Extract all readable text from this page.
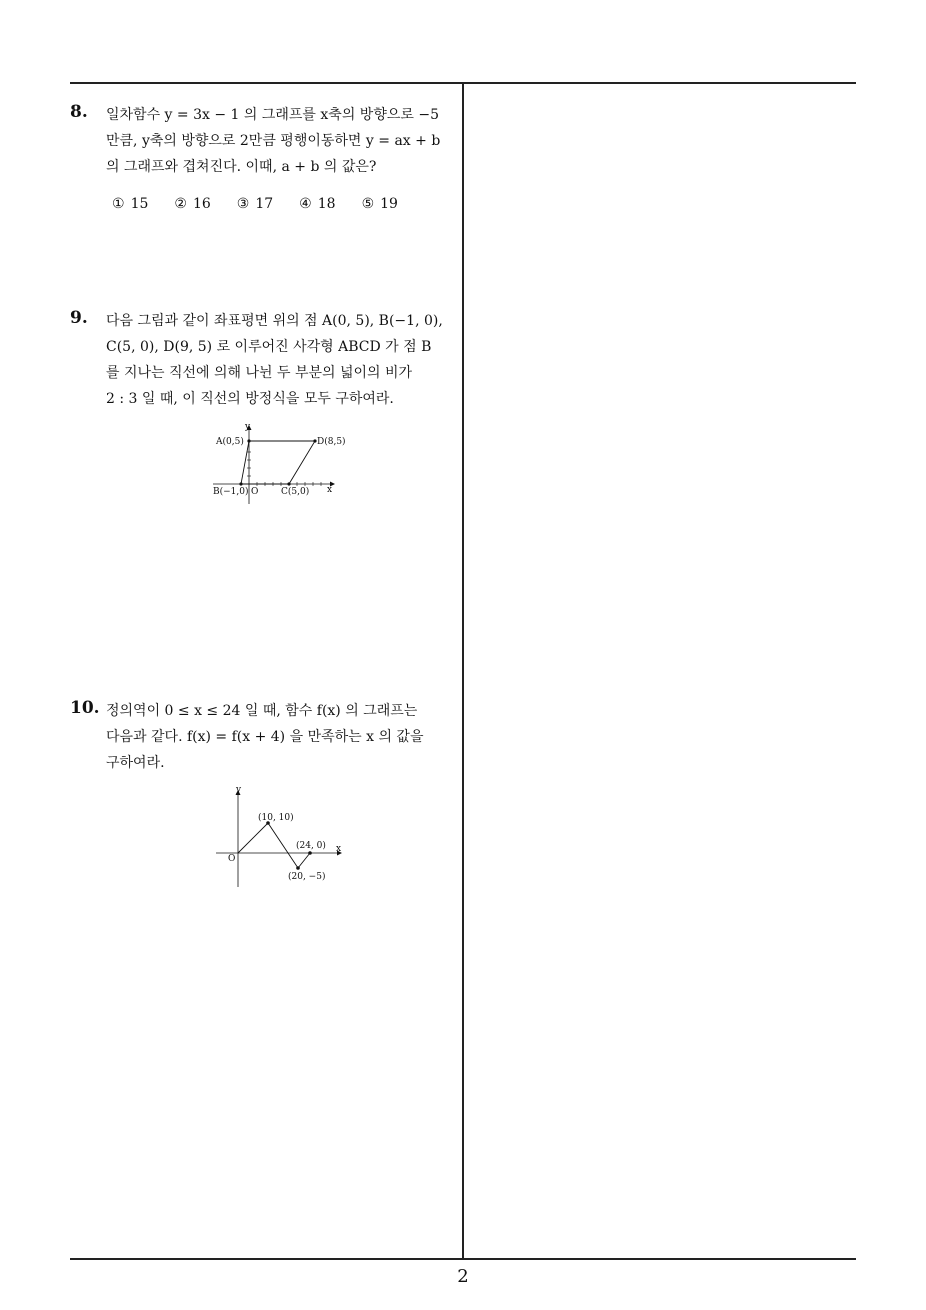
8. 일차함수 y = 3x − 1 의 그래프를 x축의 방향으로 −5

만큼, y축의 방향으로 2만큼 평행이동하면 y = ax + b

의 그래프와 겹쳐진다. 이때, a + b 의 값은?

① 15 ② 16 ③ 17 ④ 18 ⑤ 19
9. 다음 그림과 같이 좌표평면 위의 점 A(0, 5), B(−1, 0),

C(5, 0), D(9, 5) 로 이루어진 사각형 ABCD 가 점 B

를 지나는 직선에 의해 나뉜 두 부분의 넓이의 비가

2 : 3 일 때, 이 직선의 방정식을 모두 구하여라.

y
x
O
A(0,5)	D(8,5)
B(−1,0)	C(5,0)
10. 정의역이 0 ≤ x ≤ 24 일 때, 함수 f(x) 의 그래프는

다음과 같다. f(x) = f(x + 4) 을 만족하는 x 의 값을

구하여라.

y
x
O
(10, 10)
(24, 0)
(20, −5)
2
